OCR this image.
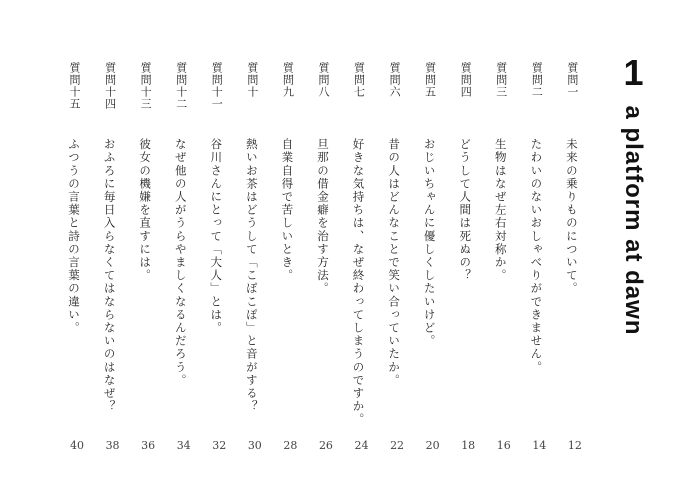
1 a platform at dawn
質問一
未来の乗りものについて。
12
質問二
たわいのないおしゃべりができません。
14
質問三
生物はなぜ左右対称か。
16
質問四
どうして人間は死ぬの？
18
質問五
おじいちゃんに優しくしたいけど。
20
質問六
昔の人はどんなことで笑い合っていたか。
22
質問七
好きな気持ちは、なぜ終わってしまうのですか。
24
質問八
旦那の借金癖を治す方法。
26
質問九
自業自得で苦しいとき。
28
質問十
熱いお茶はどうして「こぽこぽ」と音がする？
30
質問十一
谷川さんにとって「大人」とは。
32
質問十二
なぜ他の人がうらやましくなるんだろう。
34
質問十三
彼女の機嫌を直すには。
36
質問十四
おふろに毎日入らなくてはならないのはなぜ？
38
質問十五
ふつうの言葉と詩の言葉の違い。
40
